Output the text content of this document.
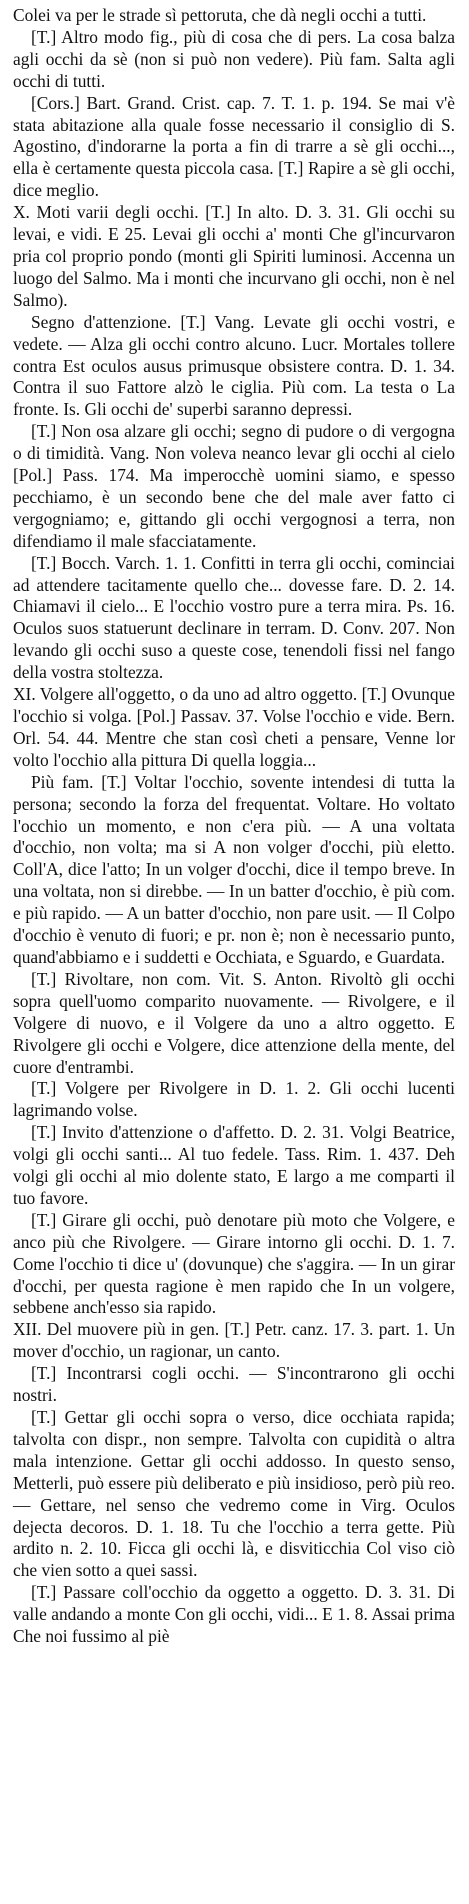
Colei va per le strade sì pettoruta, che dà negli occhi a tutti.

[T.] Altro modo fig., più di cosa che di pers. La cosa balza agli occhi da sè (non si può non vedere). Più fam. Salta agli occhi di tutti.

[Cors.] Bart. Grand. Crist. cap. 7. T. 1. p. 194. Se mai v'è stata abitazione alla quale fosse necessario il consiglio di S. Agostino, d'indorarne la porta a fin di trarre a sè gli occhi..., ella è certamente questa piccola casa. [T.] Rapire a sè gli occhi, dice meglio.

X. Moti varii degli occhi. [T.] In alto. D. 3. 31. Gli occhi su levai, e vidi. E 25. Levai gli occhi a' monti Che gl'incurvaron pria col proprio pondo (monti gli Spiriti luminosi. Accenna un luogo del Salmo. Ma i monti che incurvano gli occhi, non è nel Salmo).

Segno d'attenzione. [T.] Vang. Levate gli occhi vostri, e vedete. — Alza gli occhi contro alcuno. Lucr. Mortales tollere contra Est oculos ausus primusque obsistere contra. D. 1. 34. Contra il suo Fattore alzò le ciglia. Più com. La testa o La fronte. Is. Gli occhi de' superbi saranno depressi.

[T.] Non osa alzare gli occhi; segno di pudore o di vergogna o di timidità. Vang. Non voleva neanco levar gli occhi al cielo [Pol.] Pass. 174. Ma imperocchè uomini siamo, e spesso pecchiamo, è un secondo bene che del male aver fatto ci vergogniamo; e, gittando gli occhi vergognosi a terra, non difendiamo il male sfacciatamente.

[T.] Bocch. Varch. 1. 1. Confitti in terra gli occhi, cominciai ad attendere tacitamente quello che... dovesse fare. D. 2. 14. Chiamavi il cielo... E l'occhio vostro pure a terra mira. Ps. 16. Oculos suos statuerunt declinare in terram. D. Conv. 207. Non levando gli occhi suso a queste cose, tenendoli fissi nel fango della vostra stoltezza.

XI. Volgere all'oggetto, o da uno ad altro oggetto. [T.] Ovunque l'occhio si volga. [Pol.] Passav. 37. Volse l'occhio e vide. Bern. Orl. 54. 44. Mentre che stan così cheti a pensare, Venne lor volto l'occhio alla pittura Di quella loggia...

Più fam. [T.] Voltar l'occhio, sovente intendesi di tutta la persona; secondo la forza del frequentat. Voltare. Ho voltato l'occhio un momento, e non c'era più. — A una voltata d'occhio, non volta; ma si A non volger d'occhi, più eletto. Coll'A, dice l'atto; In un volger d'occhi, dice il tempo breve. In una voltata, non si direbbe. — In un batter d'occhio, è più com. e più rapido. — A un batter d'occhio, non pare usit. — Il Colpo d'occhio è venuto di fuori; e pr. non è; non è necessario punto, quand'abbiamo e i suddetti e Occhiata, e Sguardo, e Guardata.

[T.] Rivoltare, non com. Vit. S. Anton. Rivoltò gli occhi sopra quell'uomo comparito nuovamente. — Rivolgere, e il Volgere di nuovo, e il Volgere da uno a altro oggetto. E Rivolgere gli occhi e Volgere, dice attenzione della mente, del cuore d'entrambi.

[T.] Volgere per Rivolgere in D. 1. 2. Gli occhi lucenti lagrimando volse.

[T.] Invito d'attenzione o d'affetto. D. 2. 31. Volgi Beatrice, volgi gli occhi santi... Al tuo fedele. Tass. Rim. 1. 437. Deh volgi gli occhi al mio dolente stato, E largo a me comparti il tuo favore.

[T.] Girare gli occhi, può denotare più moto che Volgere, e anco più che Rivolgere. — Girare intorno gli occhi. D. 1. 7. Come l'occhio ti dice u' (dovunque) che s'aggira. — In un girar d'occhi, per questa ragione è men rapido che In un volgere, sebbene anch'esso sia rapido.

XII. Del muovere più in gen. [T.] Petr. canz. 17. 3. part. 1. Un mover d'occhio, un ragionar, un canto.

[T.] Incontrarsi cogli occhi. — S'incontrarono gli occhi nostri.

[T.] Gettar gli occhi sopra o verso, dice occhiata rapida; talvolta con dispr., non sempre. Talvolta con cupidità o altra mala intenzione. Gettar gli occhi addosso. In questo senso, Metterli, può essere più deliberato e più insidioso, però più reo. — Gettare, nel senso che vedremo come in Virg. Oculos dejecta decoros. D. 1. 18. Tu che l'occhio a terra gette. Più ardito n. 2. 10. Ficca gli occhi là, e disviticchia Col viso ciò che vien sotto a quei sassi.

[T.] Passare coll'occhio da oggetto a oggetto. D. 3. 31. Di valle andando a monte Con gli occhi, vidi... E 1. 8. Assai prima Che noi fussimo al piè
